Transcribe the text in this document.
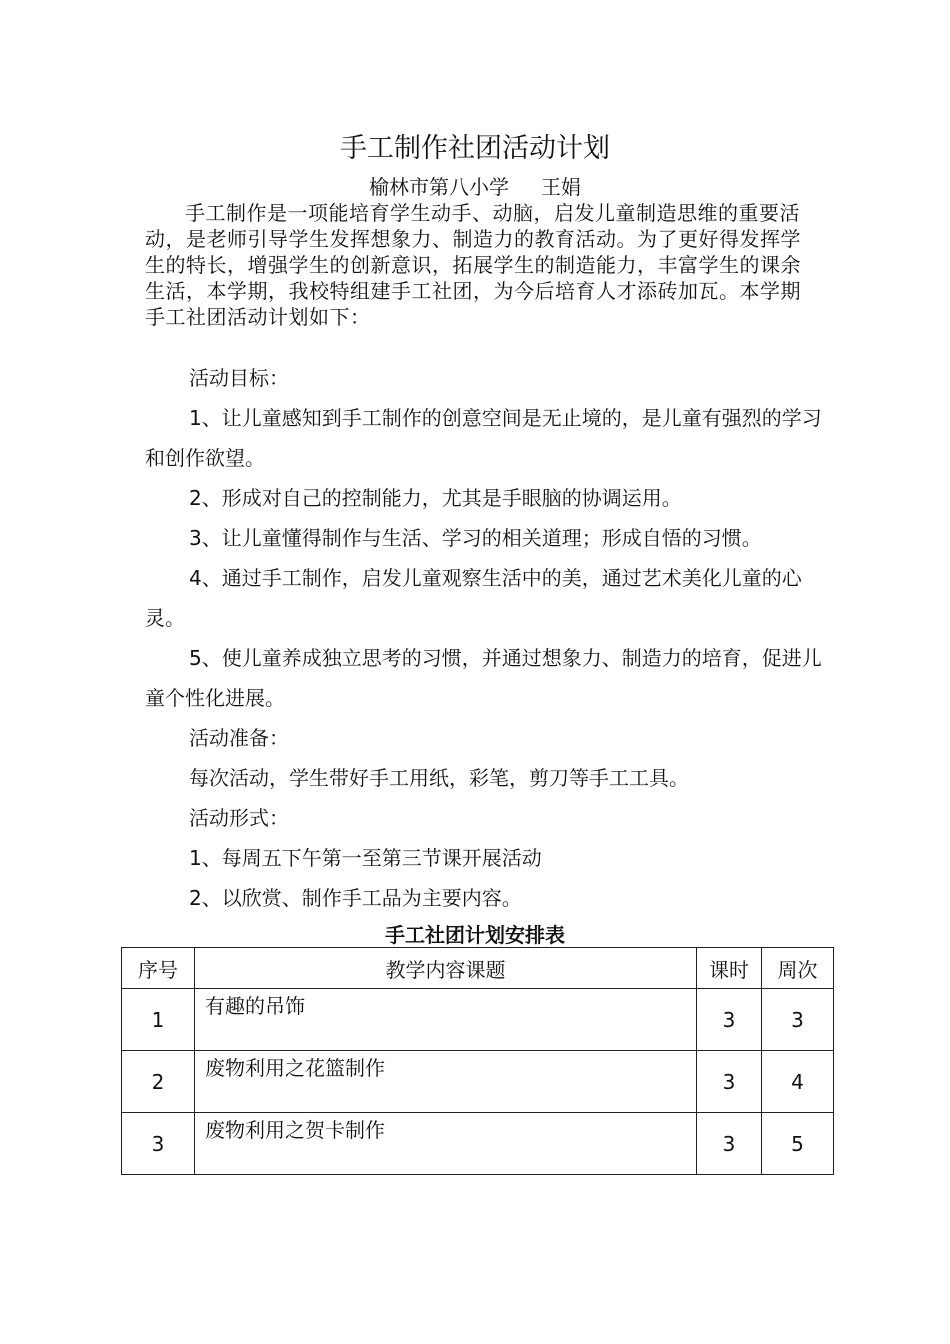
手工制作社团活动计划
榆林市第八小学 王娟

手工制作是一项能培育学生动手、动脑，启发儿童制造思维的重要活动，是老师引导学生发挥想象力、制造力的教育活动。为了更好得发挥学生的特长，增强学生的创新意识，拓展学生的制造能力，丰富学生的课余生活，本学期，我校特组建手工社团，为今后培育人才添砖加瓦。本学期手工社团活动计划如下：

活动目标：

1、让儿童感知到手工制作的创意空间是无止境的，是儿童有强烈的学习和创作欲望。

2、形成对自己的控制能力，尤其是手眼脑的协调运用。

3、让儿童懂得制作与生活、学习的相关道理；形成自悟的习惯。

4、通过手工制作，启发儿童观察生活中的美，通过艺术美化儿童的心灵。

5、使儿童养成独立思考的习惯，并通过想象力、制造力的培育，促进儿童个性化进展。

活动准备：

每次活动，学生带好手工用纸，彩笔，剪刀等手工工具。

活动形式：

1、每周五下午第一至第三节课开展活动

2、以欣赏、制作手工品为主要内容。

手工社团计划安排表
序号	教学内容课题	课时	周次
1	有趣的吊饰	3	3
2	废物利用之花篮制作	3	4
3	废物利用之贺卡制作	3	5
